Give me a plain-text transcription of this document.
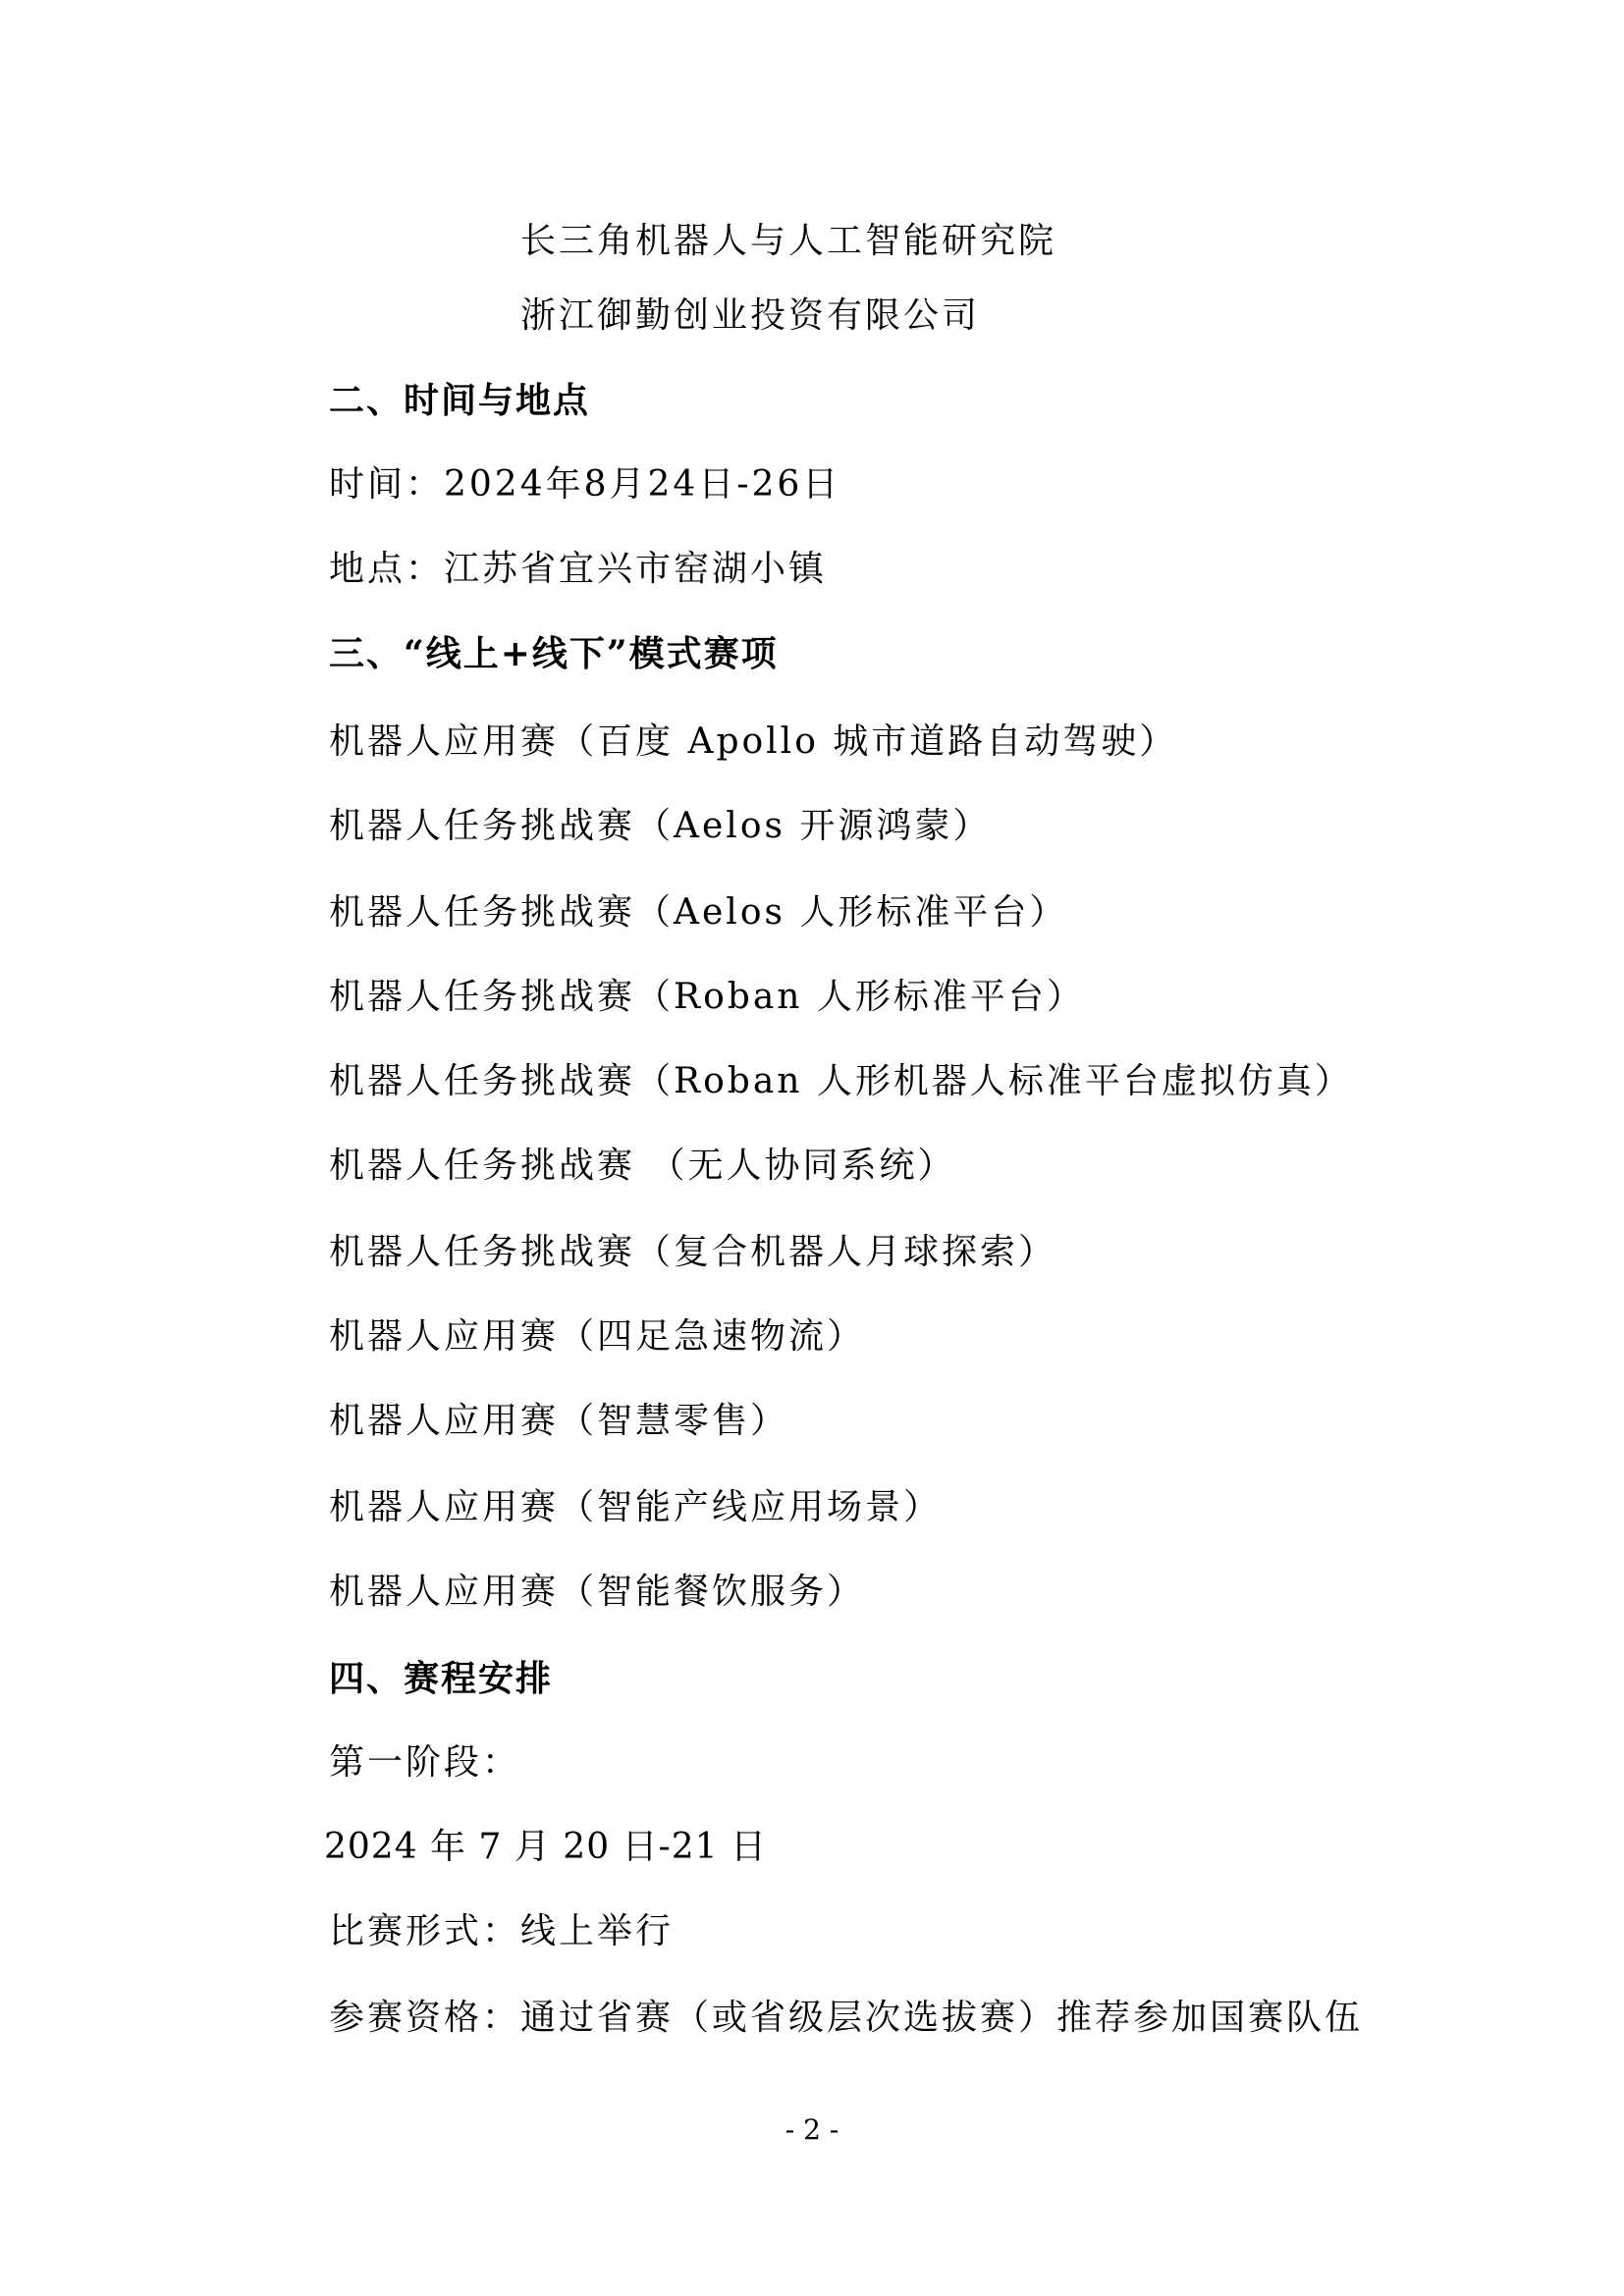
长三角机器人与人工智能研究院
浙江御勤创业投资有限公司
二、时间与地点
时间：2024年8月24日-26日
地点：江苏省宜兴市窑湖小镇
三、“线上+线下”模式赛项
机器人应用赛（百度 Apollo 城市道路自动驾驶）
机器人任务挑战赛（Aelos 开源鸿蒙）
机器人任务挑战赛（Aelos 人形标准平台）
机器人任务挑战赛（Roban 人形标准平台）
机器人任务挑战赛（Roban 人形机器人标准平台虚拟仿真）
机器人任务挑战赛 （无人协同系统）
机器人任务挑战赛（复合机器人月球探索）
机器人应用赛（四足急速物流）
机器人应用赛（智慧零售）
机器人应用赛（智能产线应用场景）
机器人应用赛（智能餐饮服务）
四、赛程安排
第一阶段：
2024 年 7 月 20 日-21 日
比赛形式：线上举行
参赛资格：通过省赛（或省级层次选拔赛）推荐参加国赛队伍
- 2 -
